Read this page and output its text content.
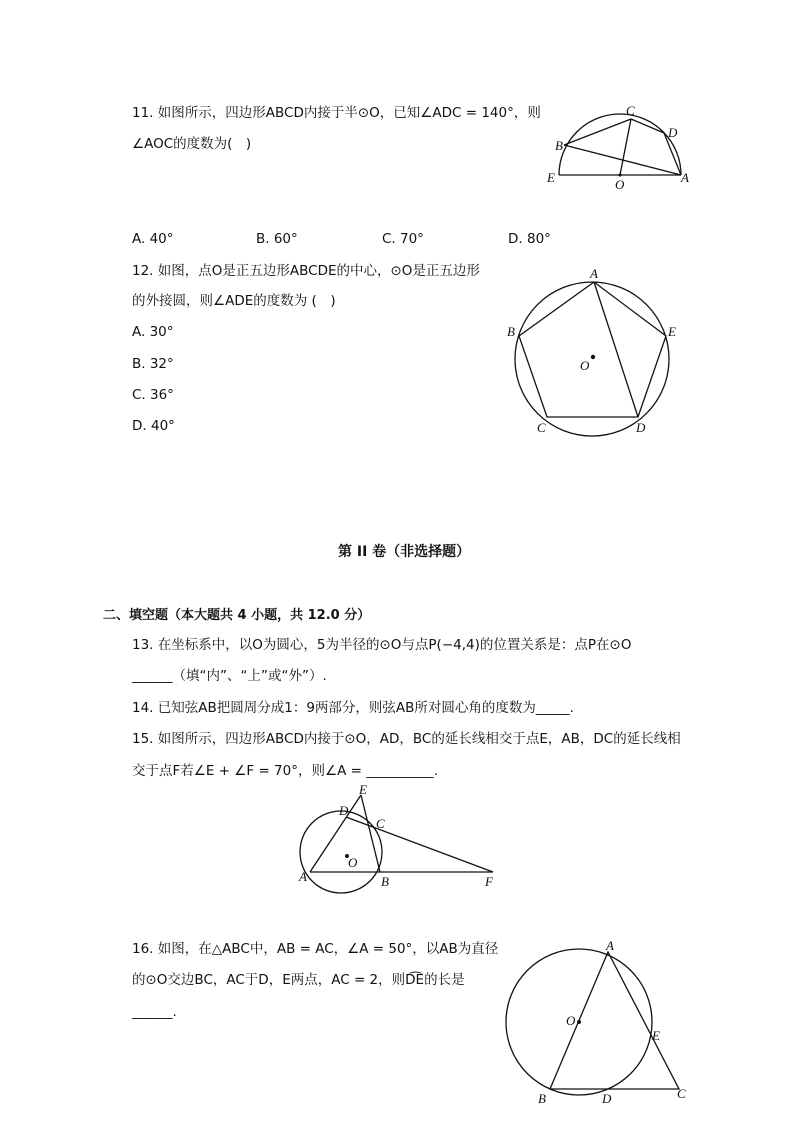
11. 如图所示，四边形ABCD内接于半⊙O，已知∠ADC = 140°，则
∠AOC的度数为(　)
C
D
B
E	O	A
A. 40°	B. 60°	C. 70°	D. 80°
12. 如图，点O是正五边形ABCDE的中心，⊙O是正五边形
的外接圆，则∠ADE的度数为 (　)
A. 30°
B. 32°
C. 36°
D. 40°
A
B	E
O
C	D
第 II 卷（非选择题）
二、填空题（本大题共 4 小题，共 12.0 分）
13. 在坐标系中，以O为圆心，5为半径的⊙O与点P(−4,4)的位置关系是：点P在⊙O
______（填“内”、“上”或“外”）.
14. 已知弦AB把圆周分成1：9两部分，则弦AB所对圆心角的度数为_____.
15. 如图所示，四边形ABCD内接于⊙O，AD，BC的延长线相交于点E，AB，DC的延长线相
交于点F若∠E + ∠F = 70°，则∠A = __________.
E
D
C
O
A	B	F
16. 如图，在△ABC中，AB = AC，∠A = 50°，以AB为直径
的⊙O交边BC，AC于D，E两点，AC = 2，则D͡E的长是
______.
A
O
E
B	D	C
